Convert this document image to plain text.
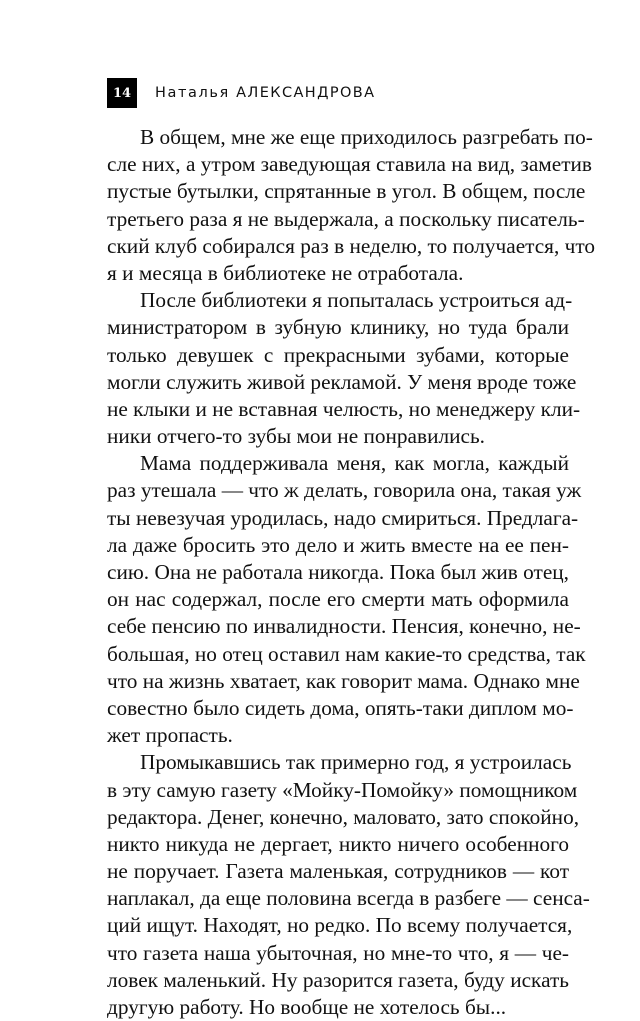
14	Наталья АЛЕКСАНДРОВА
В общем, мне же еще приходилось разгребать по-
сле них, а утром заведующая ставила на вид, заметив
пустые бутылки, спрятанные в угол. В общем, после
третьего раза я не выдержала, а поскольку писатель-
ский клуб собирался раз в неделю, то получается, что
я и месяца в библиотеке не отработала.
После библиотеки я попыталась устроиться ад-
министратором в зубную клинику, но туда брали
только девушек с прекрасными зубами, которые
могли служить живой рекламой. У меня вроде тоже
не клыки и не вставная челюсть, но менеджеру кли-
ники отчего-то зубы мои не понравились.
Мама поддерживала меня, как могла, каждый
раз утешала — что ж делать, говорила она, такая уж
ты невезучая уродилась, надо смириться. Предлага-
ла даже бросить это дело и жить вместе на ее пен-
сию. Она не работала никогда. Пока был жив отец,
он нас содержал, после его смерти мать оформила
себе пенсию по инвалидности. Пенсия, конечно, не-
большая, но отец оставил нам какие-то средства, так
что на жизнь хватает, как говорит мама. Однако мне
совестно было сидеть дома, опять-таки диплом мо-
жет пропасть.
Промыкавшись так примерно год, я устроилась
в эту самую газету «Мойку-Помойку» помощником
редактора. Денег, конечно, маловато, зато спокойно,
никто никуда не дергает, никто ничего особенного
не поручает. Газета маленькая, сотрудников — кот
наплакал, да еще половина всегда в разбеге — сенса-
ций ищут. Находят, но редко. По всему получается,
что газета наша убыточная, но мне-то что, я — че-
ловек маленький. Ну разорится газета, буду искать
другую работу. Но вообще не хотелось бы...
